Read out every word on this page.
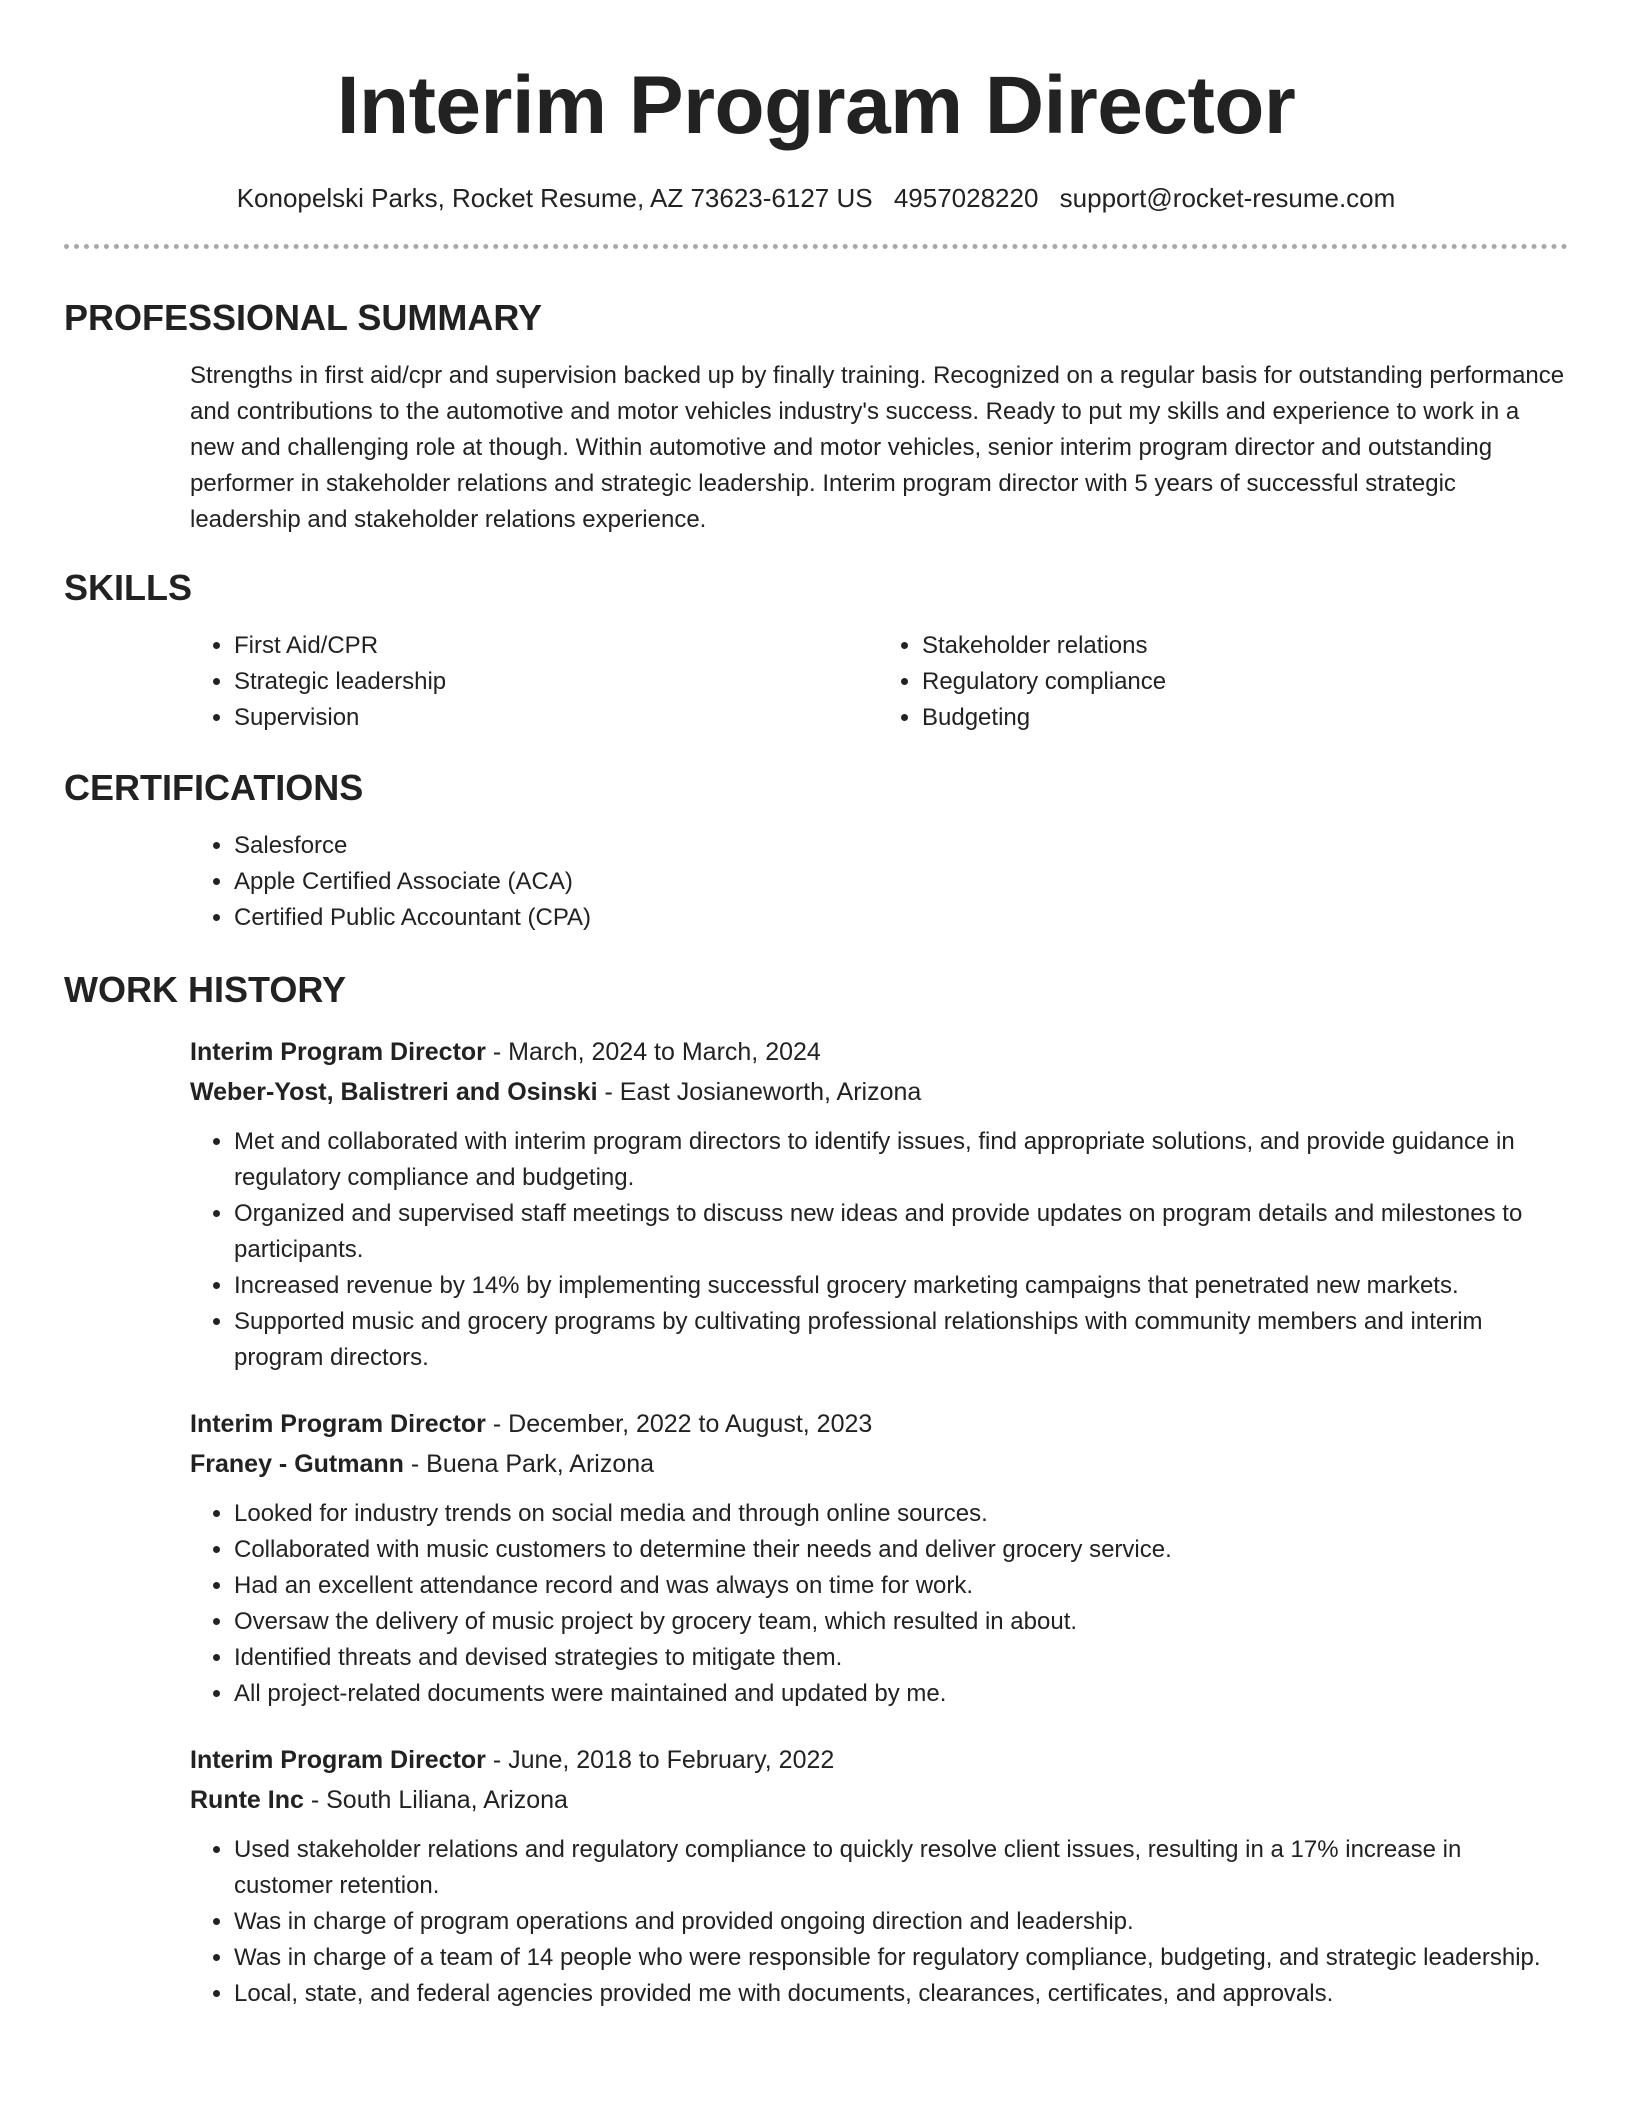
Interim Program Director
Konopelski Parks, Rocket Resume, AZ 73623-6127 US 4957028220 support@rocket-resume.com
PROFESSIONAL SUMMARY
Strengths in first aid/cpr and supervision backed up by finally training. Recognized on a regular basis for outstanding performance and contributions to the automotive and motor vehicles industry's success. Ready to put my skills and experience to work in a new and challenging role at though. Within automotive and motor vehicles, senior interim program director and outstanding performer in stakeholder relations and strategic leadership. Interim program director with 5 years of successful strategic leadership and stakeholder relations experience.
SKILLS
• First Aid/CPR
• Strategic leadership
• Supervision
• Stakeholder relations
• Regulatory compliance
• Budgeting
CERTIFICATIONS
• Salesforce
• Apple Certified Associate (ACA)
• Certified Public Accountant (CPA)
WORK HISTORY
Interim Program Director - March, 2024 to March, 2024
Weber-Yost, Balistreri and Osinski - East Josianeworth, Arizona
• Met and collaborated with interim program directors to identify issues, find appropriate solutions, and provide guidance in regulatory compliance and budgeting.
• Organized and supervised staff meetings to discuss new ideas and provide updates on program details and milestones to participants.
• Increased revenue by 14% by implementing successful grocery marketing campaigns that penetrated new markets.
• Supported music and grocery programs by cultivating professional relationships with community members and interim program directors.
Interim Program Director - December, 2022 to August, 2023
Franey - Gutmann - Buena Park, Arizona
• Looked for industry trends on social media and through online sources.
• Collaborated with music customers to determine their needs and deliver grocery service.
• Had an excellent attendance record and was always on time for work.
• Oversaw the delivery of music project by grocery team, which resulted in about.
• Identified threats and devised strategies to mitigate them.
• All project-related documents were maintained and updated by me.
Interim Program Director - June, 2018 to February, 2022
Runte Inc - South Liliana, Arizona
• Used stakeholder relations and regulatory compliance to quickly resolve client issues, resulting in a 17% increase in customer retention.
• Was in charge of program operations and provided ongoing direction and leadership.
• Was in charge of a team of 14 people who were responsible for regulatory compliance, budgeting, and strategic leadership.
• Local, state, and federal agencies provided me with documents, clearances, certificates, and approvals.
